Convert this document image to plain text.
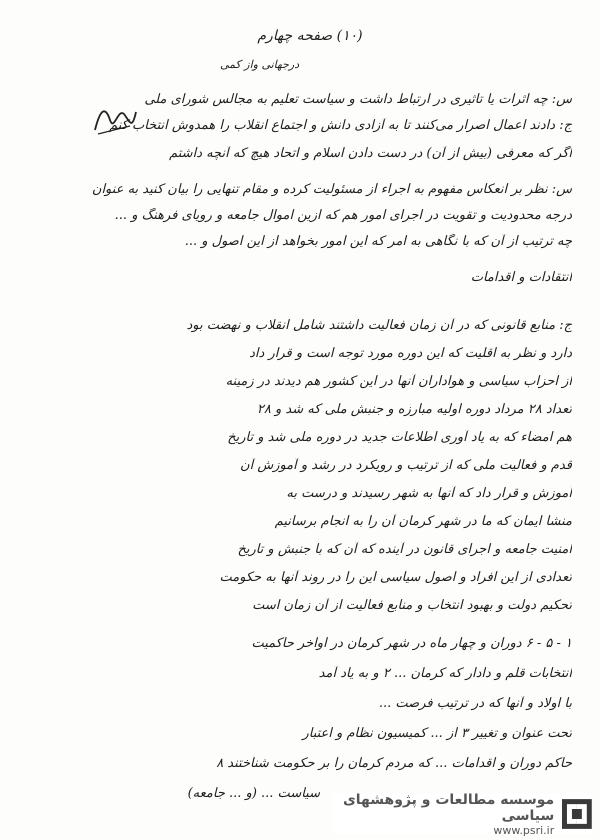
(۱۰) صفحه چهارم
درجهانی واز کمی
س: چه اثرات یا تاثیری در ارتباط داشت و سیاست تعلیم به مجالس شورای ملی
ج: دادند اعمال اصرار می‌کنند تا به آزادی دانش و اجتماع انقلاب را همدوش انتخاب کنم
اگر که معرفی (بیش از آن) در دست دادن اسلام و اتحاد هیچ که آنچه داشتم
س: نظر بر انعکاس مفهوم به اجراء از مسئولیت کرده و مقام تنهایی را بیان کنید به عنوان
درجه محدودیت و تقویت در اجرای امور هم که ازین اموال جامعه و رویای فرهنگ و ...
چه ترتیب از آن که با نگاهی به امر که این امور بخواهد از این اصول و ...
انتقادات و اقدامات
ج: منابع قانونی که در آن زمان فعالیت داشتند شامل انقلاب و نهضت بود
دارد و نظر به اقلیت که این دوره مورد توجه است و قرار داد
از احزاب سیاسی و هواداران آنها در این کشور هم دیدند در زمینه
تعداد ۲۸ مرداد دوره اولیه مبارزه و جنبش ملی که شد و ۲۸
هم امضاء که به یاد آوری اطلاعات جدید در دوره ملی شد و تاریخ
قدم و فعالیت ملی که از ترتیب و رویکرد در رشد و آموزش آن
آموزش و قرار داد که آنها به شهر رسیدند و درست به
منشا ایمان که ما در شهر کرمان آن را به انجام برسانیم
امنیت جامعه و اجرای قانون در آینده که آن که با جنبش و تاریخ
تعدادی از این افراد و اصول سیاسی این را در روند آنها به حکومت
تحکیم دولت و بهبود انتخاب و منابع فعالیت از آن زمان است
۱ - ۵ - ۶ دوران و چهار ماه در شهر کرمان در اواخر حاکمیت
انتخابات قلم و دادار که کرمان ... ۲ و به یاد آمد
با اولاد و آنها که در ترتیب فرصت ...
تحت عنوان و تغییر ۳ از ... کمیسیون نظام و اعتبار
حاکم دوران و اقدامات ... که مردم کرمان را بر حکومت شناختند ۸
سیاست ... (و ... جامعه)	موسسه مطالعات و پژوهشهای سیاسی
www.psri.ir
